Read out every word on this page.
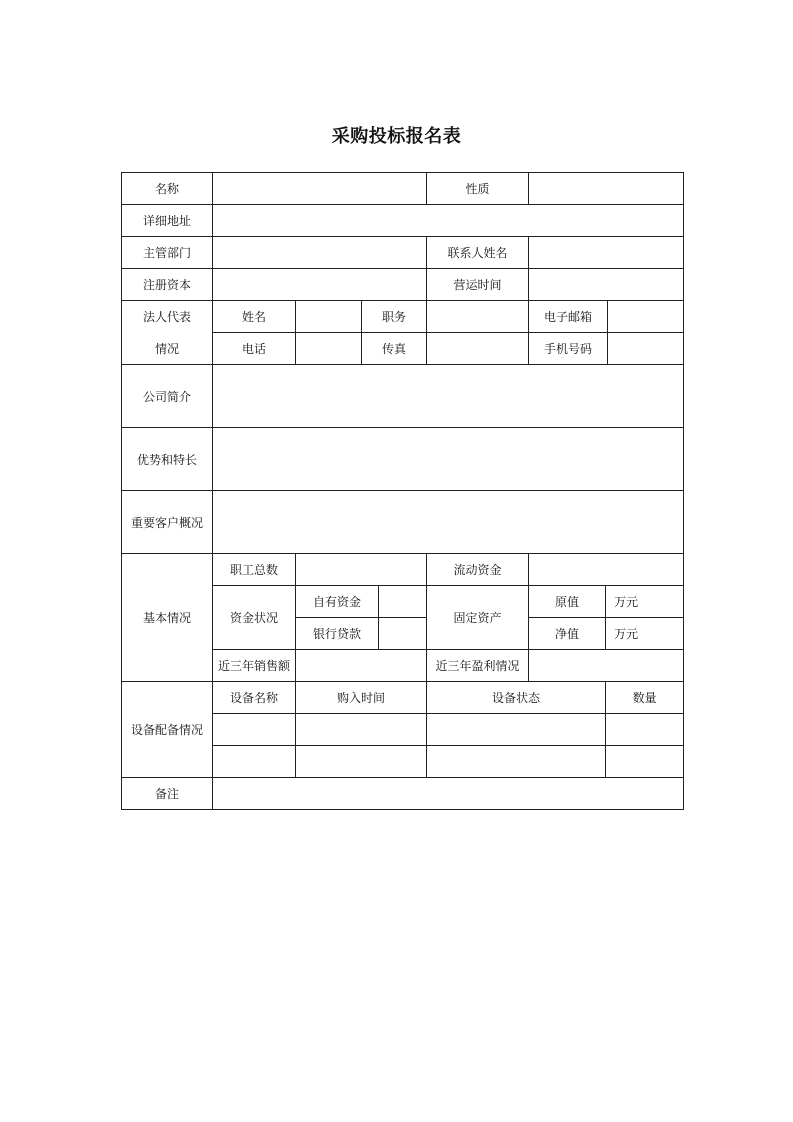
采购投标报名表
名称					性质			
详细地址								
主管部门					联系人姓名			
注册资本					营运时间			
法人代表	姓名		职务			电子邮箱		
情况	电话		传真			手机号码		
公司简介								
优势和特长								
重要客户概况								
基本情况	职工总数				流动资金			
	资金状况	自有资金			固定资产	原值	万元	
		银行贷款				净值	万元	
	近三年销售额				近三年盈利情况			
设备配备情况	设备名称	购入时间			设备状态		数量	

备注								
